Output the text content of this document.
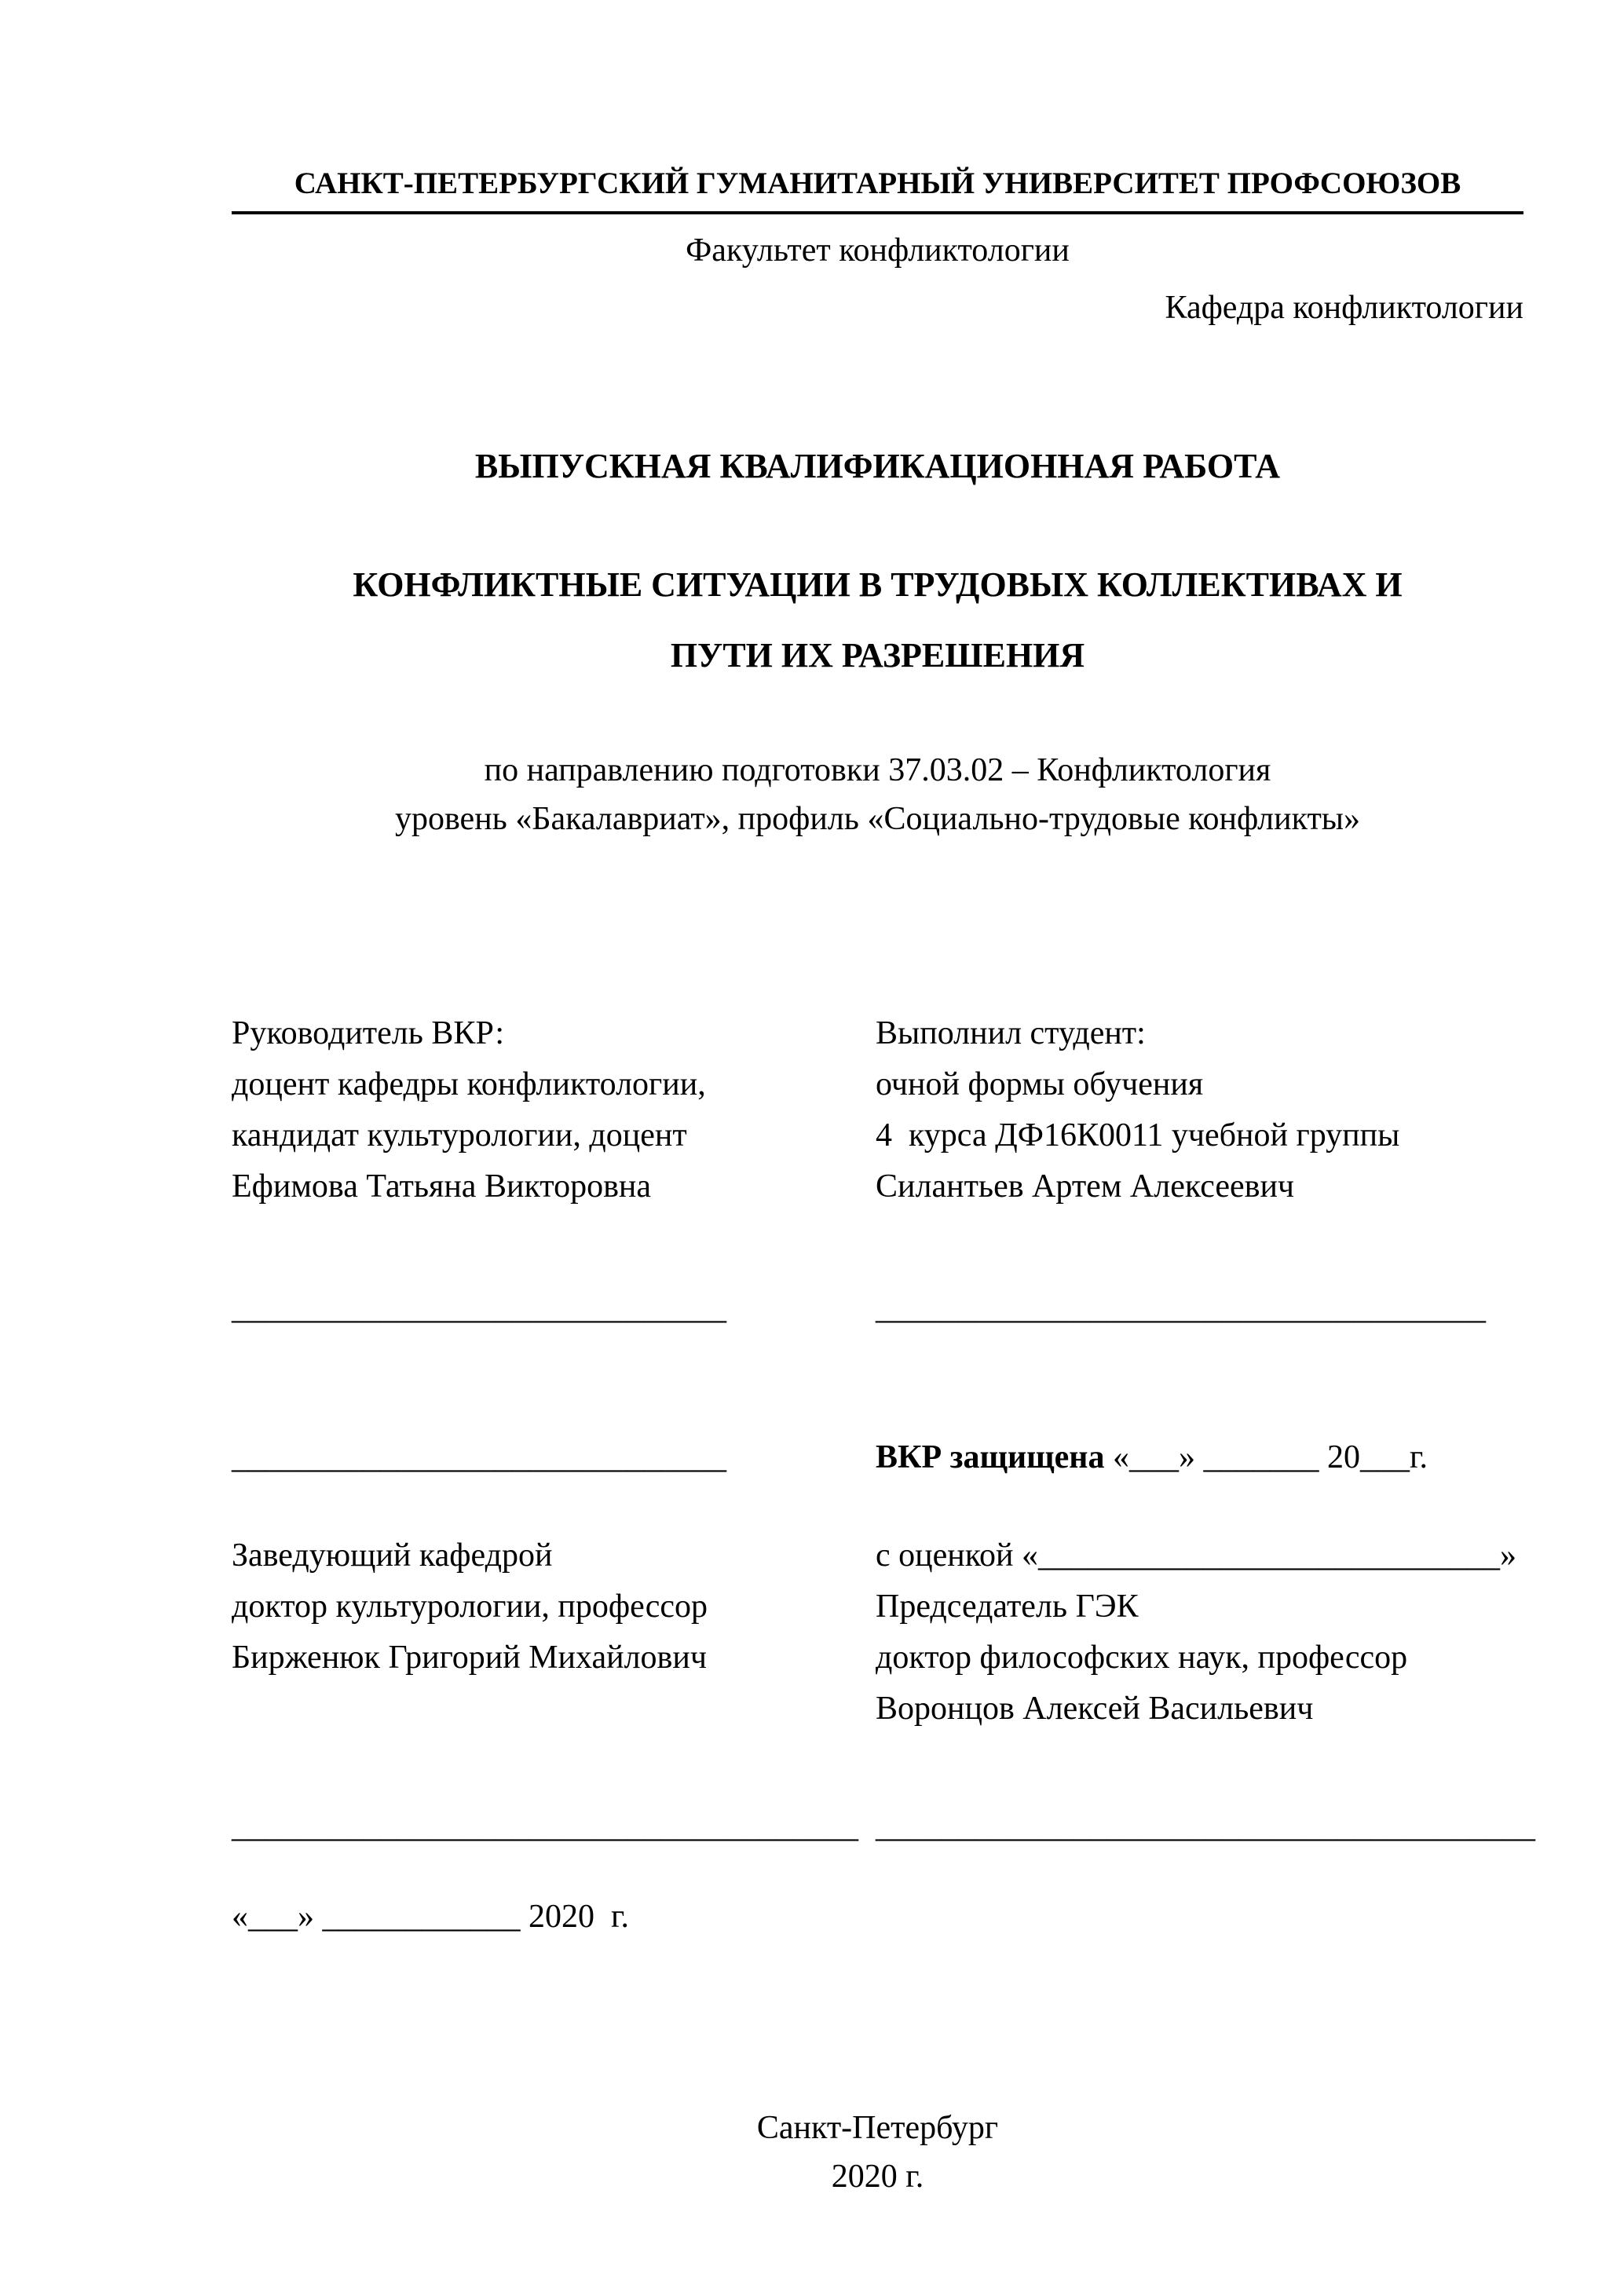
САНКТ-ПЕТЕРБУРГСКИЙ ГУМАНИТАРНЫЙ УНИВЕРСИТЕТ ПРОФСОЮЗОВ
Факультет конфликтологии
Кафедра конфликтологии
ВЫПУСКНАЯ КВАЛИФИКАЦИОННАЯ РАБОТА
КОНФЛИКТНЫЕ СИТУАЦИИ В ТРУДОВЫХ КОЛЛЕКТИВАХ И
ПУТИ ИХ РАЗРЕШЕНИЯ
по направлению подготовки 37.03.02 – Конфликтология
уровень «Бакалавриат», профиль «Социально-трудовые конфликты»
Руководитель ВКР:
доцент кафедры конфликтологии,
кандидат культурологии, доцент
Ефимова Татьяна Викторовна
Выполнил студент:
очной формы обучения
4  курса ДФ16К0011 учебной группы
Силантьев Артем Алексеевич
______________________________	_____________________________________
______________________________	ВКР защищена «___» _______ 20___г.
Заведующий кафедрой
доктор культурологии, профессор
Бирженюк Григорий Михайлович
с оценкой «____________________________»
Председатель ГЭК
доктор философских наук, профессор
Воронцов Алексей Васильевич
______________________________________ ________________________________________
«___» ____________ 2020  г.
Санкт-Петербург
2020 г.
